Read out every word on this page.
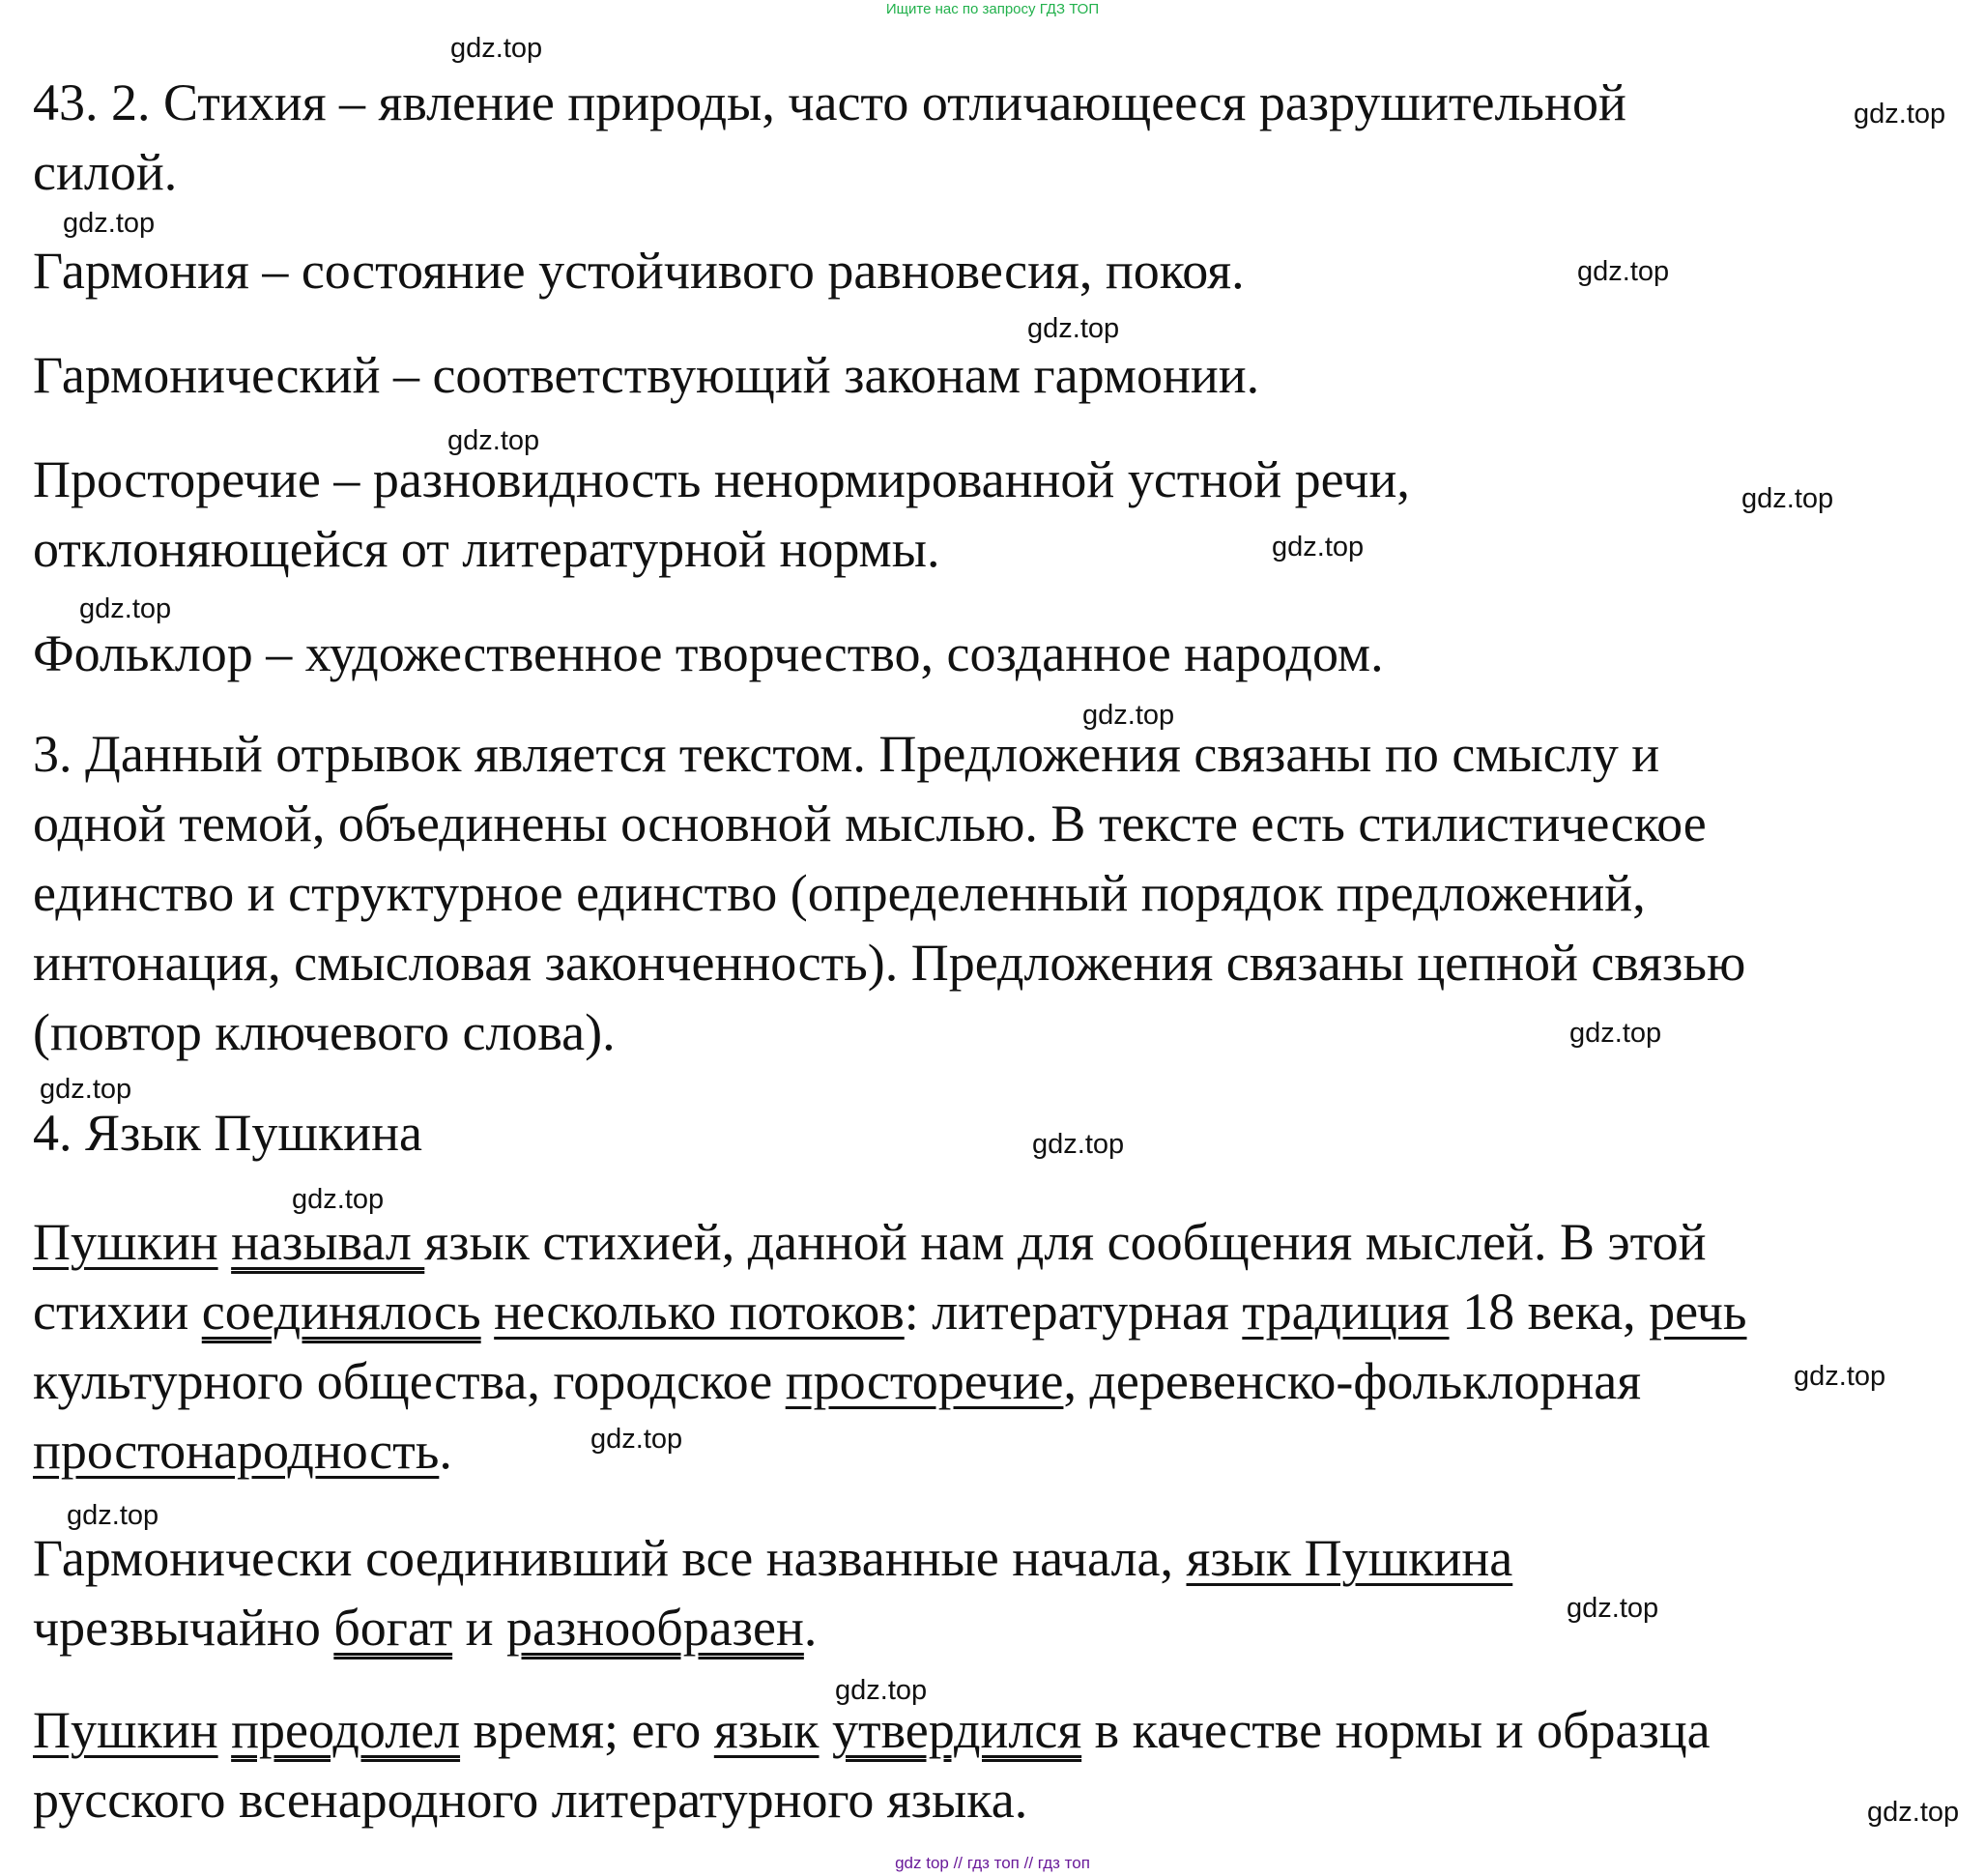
Ищите нас по запросу ГДЗ ТОП
43. 2. Стихия – явление природы, часто отличающееся разрушительной
силой.
Гармония – состояние устойчивого равновесия, покоя.
Гармонический – соответствующий законам гармонии.
Просторечие – разновидность ненормированной устной речи,
отклоняющейся от литературной нормы.
Фольклор – художественное творчество, созданное народом.
3. Данный отрывок является текстом. Предложения связаны по смыслу и
одной темой, объединены основной мыслью. В тексте есть стилистическое
единство и структурное единство (определенный порядок предложений,
интонация, смысловая законченность). Предложения связаны цепной связью
(повтор ключевого слова).
4. Язык Пушкина
Пушкин называл язык стихией, данной нам для сообщения мыслей. В этой
стихии соединялось несколько потоков: литературная традиция 18 века, речь
культурного общества, городское просторечие, деревенско-фольклорная
простонародность.
Гармонически соединивший все названные начала, язык Пушкина
чрезвычайно богат и разнообразен.
Пушкин преодолел время; его язык утвердился в качестве нормы и образца
русского всенародного литературного языка.
gdz.top
gdz.top
gdz.top
gdz.top
gdz.top
gdz.top
gdz.top
gdz.top
gdz.top
gdz.top
gdz.top
gdz.top
gdz.top
gdz.top
gdz.top
gdz.top
gdz.top
gdz.top
gdz.top
gdz.top
gdz top // гдз топ // гдз топ
